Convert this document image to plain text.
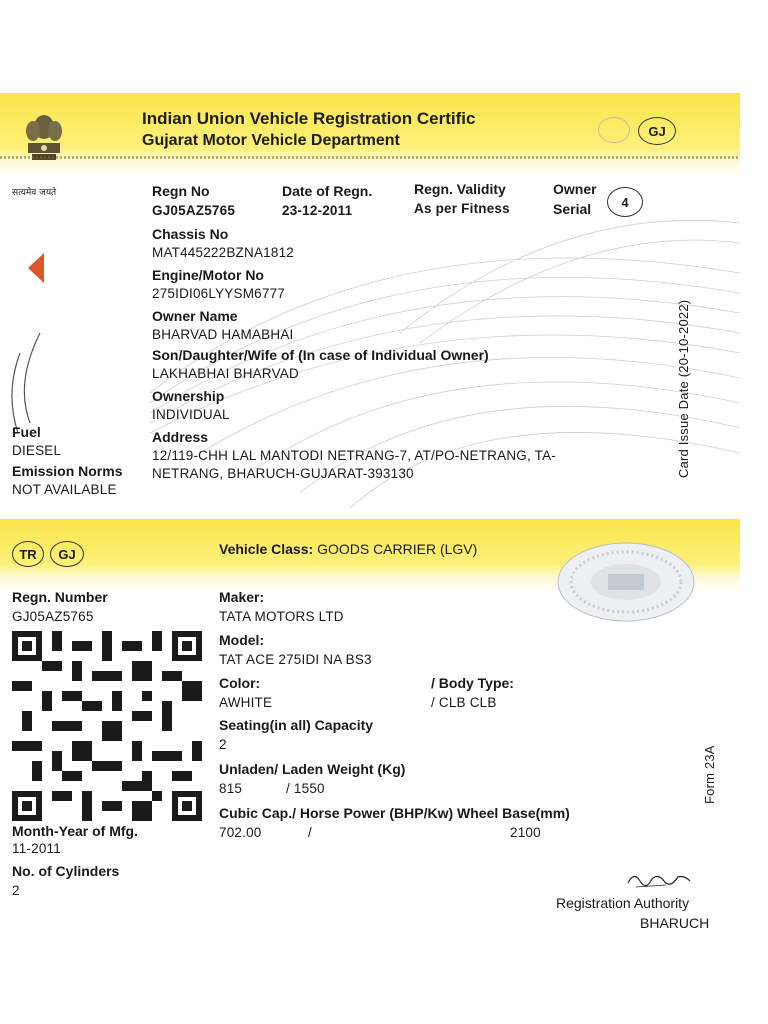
सत्यमेव जयते
Indian Union Vehicle Registration Certific
Gujarat Motor Vehicle Department
GJ
Regn No
GJ05AZ5765
Date of Regn.
23-12-2011
Regn. Validity
As per Fitness
Owner
Serial	4
Chassis No
MAT445222BZNA1812
Engine/Motor No
275IDI06LYYSM6777
Owner Name
BHARVAD HAMABHAI
Son/Daughter/Wife of (In case of Individual Owner)
LAKHABHAI BHARVAD
Ownership
INDIVIDUAL
Address
12/119-CHH LAL MANTODI NETRANG-7, AT/PO-NETRANG, TA-
NETRANG, BHARUCH-GUJARAT-393130
Fuel
DIESEL
Emission Norms
NOT AVAILABLE
Card Issue Date (20-10-2022)
TR	GJ	Vehicle Class: GOODS CARRIER (LGV)
Regn. Number
GJ05AZ5765
Month-Year of Mfg.
11-2011
No. of Cylinders
2
Maker:
TATA MOTORS LTD
Model:
TAT ACE 275IDI NA BS3
Color:
AWHITE
/ Body Type:
/ CLB CLB
Seating(in all) Capacity
2
Unladen/ Laden Weight (Kg)
815	/ 1550
Cubic Cap./ Horse Power (BHP/Kw) Wheel Base(mm)
702.00	/	2100
Form 23A
Registration Authority
BHARUCH
